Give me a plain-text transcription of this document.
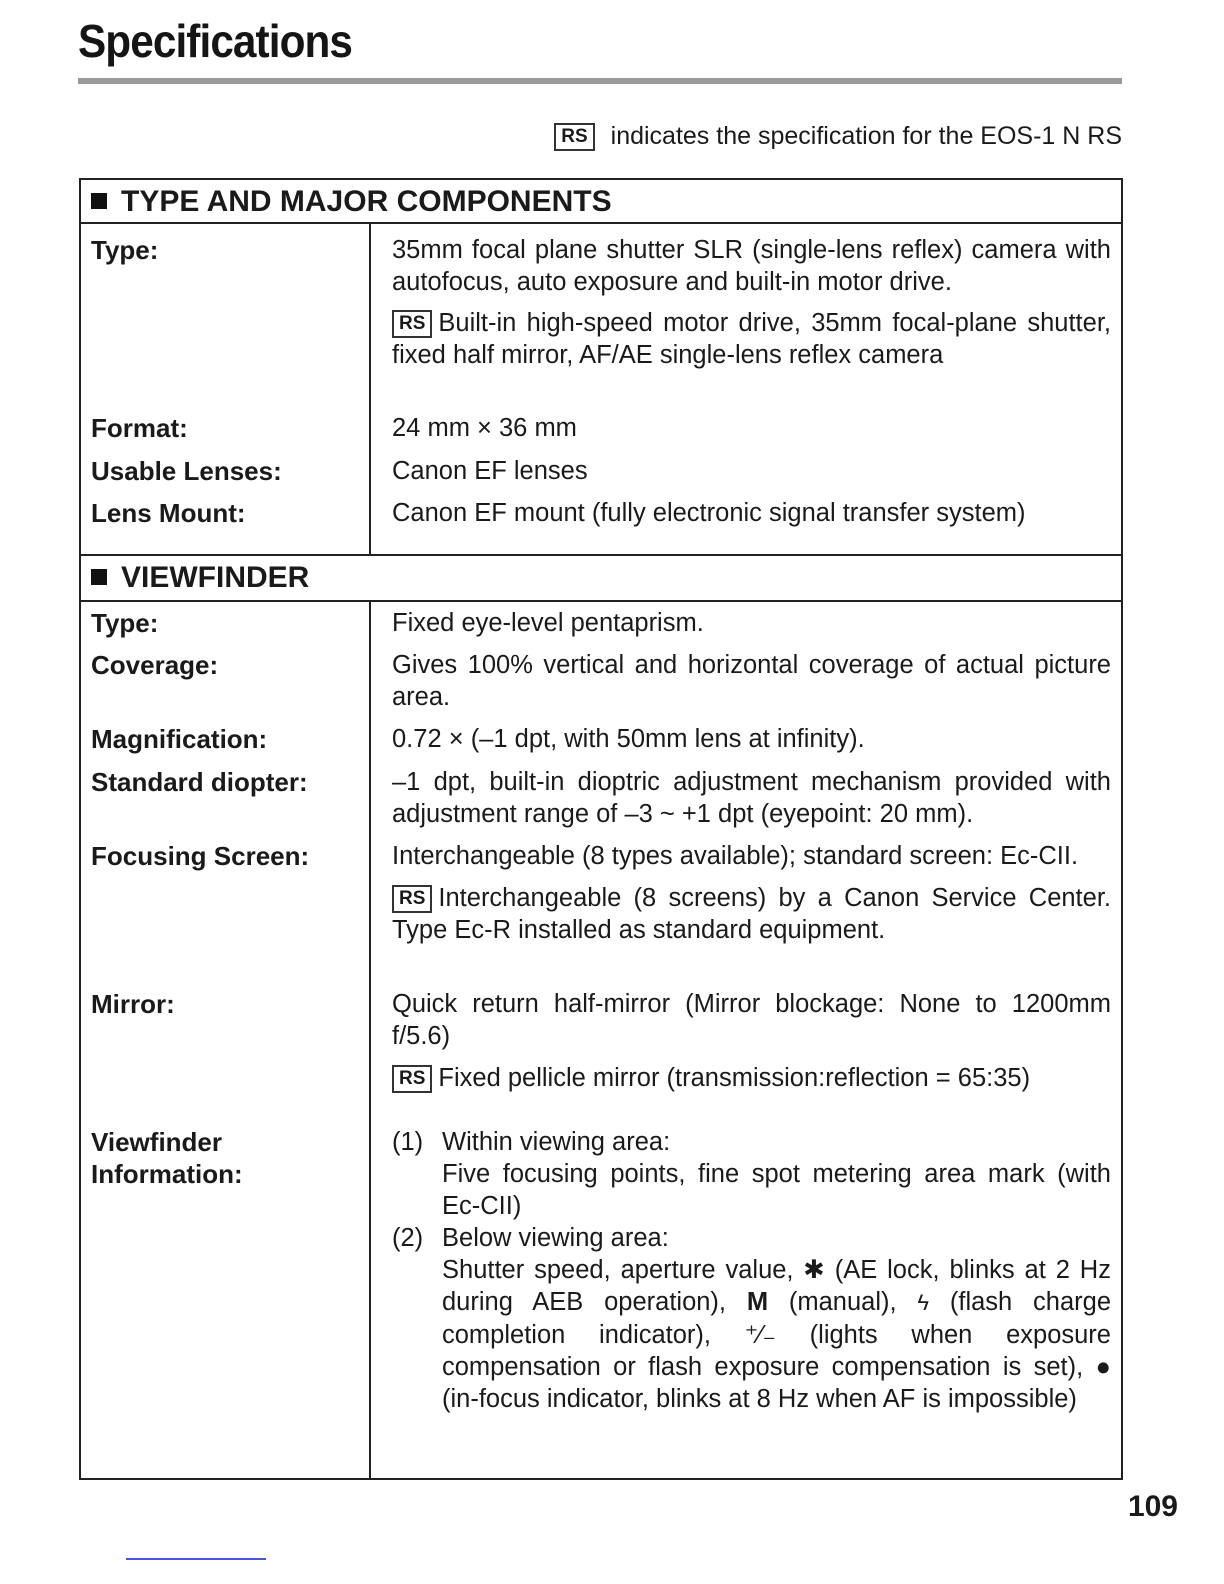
Specifications
RS indicates the specification for the EOS-1 N RS
TYPE AND MAJOR COMPONENTS
Type:	35mm focal plane shutter SLR (single-lens reflex) camera with autofocus, auto exposure and built-in motor drive.

RS Built-in high-speed motor drive, 35mm focal-plane shutter, fixed half mirror, AF/AE single-lens reflex camera

Format:	24 mm × 36 mm
Usable Lenses:	Canon EF lenses
Lens Mount:	Canon EF mount (fully electronic signal transfer system)
VIEWFINDER
Type:	Fixed eye-level pentaprism.
Coverage:	Gives 100% vertical and horizontal coverage of actual picture area.
Magnification:	0.72 × (–1 dpt, with 50mm lens at infinity).
Standard diopter:	–1 dpt, built-in dioptric adjustment mechanism provided with adjustment range of –3 ~ +1 dpt (eyepoint: 20 mm).
Focusing Screen:	Interchangeable (8 types available); standard screen: Ec-CII.

RS Interchangeable (8 screens) by a Canon Service Center. Type Ec-R installed as standard equipment.

Mirror:	Quick return half-mirror (Mirror blockage: None to 1200mm f/5.6)

RS Fixed pellicle mirror (transmission:reflection = 65:35)

Viewfinder
Information:
(1) Within viewing area:
Five focusing points, fine spot metering area mark (with Ec-CII)
(2) Below viewing area:
Shutter speed, aperture value, ✱ (AE lock, blinks at 2 Hz during AEB operation), M (manual), ϟ (flash charge completion indicator), ⁺⁄₋ (lights when exposure compensation or flash exposure compensation is set), ● (in-focus indicator, blinks at 8 Hz when AF is impossible)
109
